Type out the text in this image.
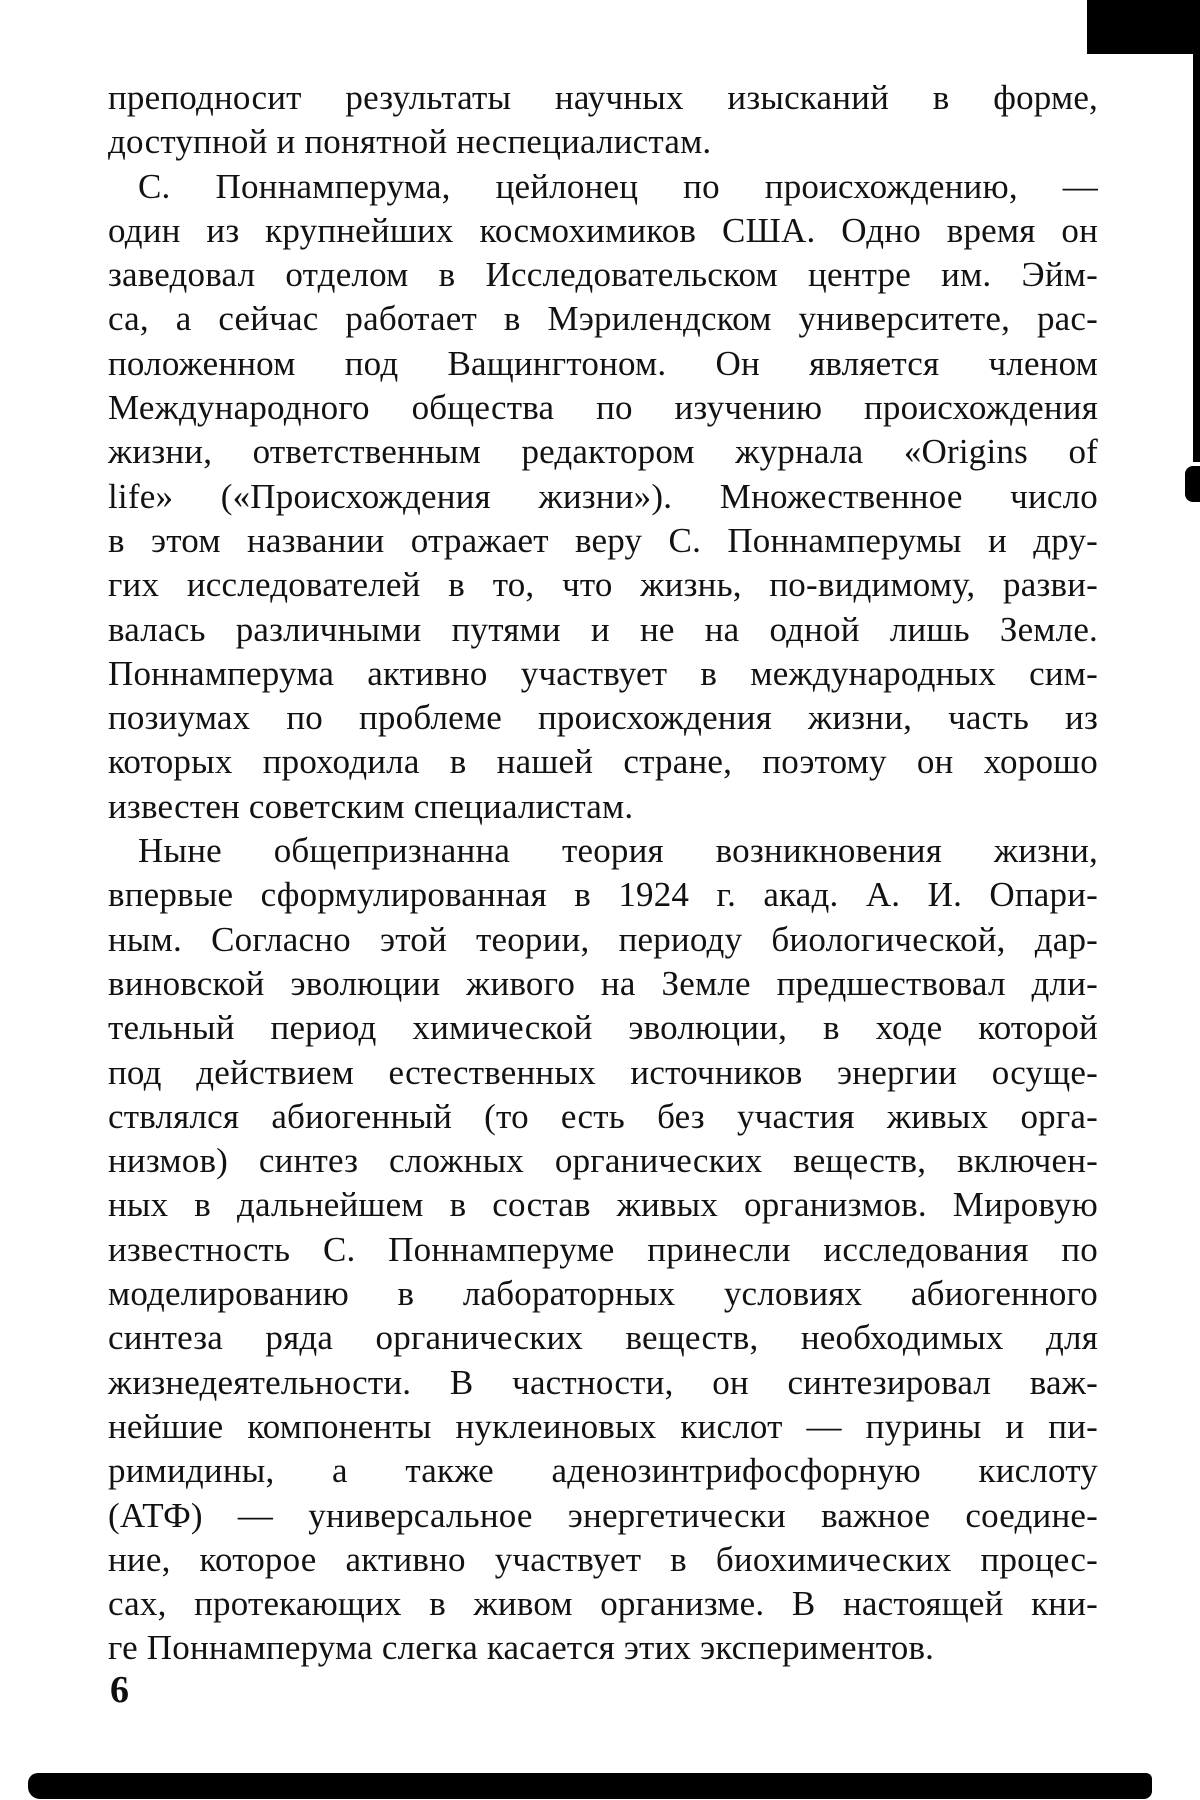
преподносит результаты научных изысканий в форме,
доступной и понятной неспециалистам.
С. Поннамперума, цейлонец по происхождению, —
один из крупнейших космохимиков США. Одно время он
заведовал отделом в Исследовательском центре им. Эйм-
са, а сейчас работает в Мэрилендском университете, рас-
положенном под Ващингтоном. Он является членом
Международного общества по изучению происхождения
жизни, ответственным редактором журнала «Origins of
life» («Происхождения жизни»). Множественное число
в этом названии отражает веру С. Поннамперумы и дру-
гих исследователей в то, что жизнь, по-видимому, разви-
валась различными путями и не на одной лишь Земле.
Поннамперума активно участвует в международных сим-
позиумах по проблеме происхождения жизни, часть из
которых проходила в нашей стране, поэтому он хорошо
известен советским специалистам.
Ныне общепризнанна теория возникновения жизни,
впервые сформулированная в 1924 г. акад. А. И. Опари-
ным. Согласно этой теории, периоду биологической, дар-
виновской эволюции живого на Земле предшествовал дли-
тельный период химической эволюции, в ходе которой
под действием естественных источников энергии осуще-
ствлялся абиогенный (то есть без участия живых орга-
низмов) синтез сложных органических веществ, включен-
ных в дальнейшем в состав живых организмов. Мировую
известность С. Поннамперуме принесли исследования по
моделированию в лабораторных условиях абиогенного
синтеза ряда органических веществ, необходимых для
жизнедеятельности. В частности, он синтезировал важ-
нейшие компоненты нуклеиновых кислот — пурины и пи-
римидины, а также аденозинтрифосфорную кислоту
(АТФ) — универсальное энергетически важное соедине-
ние, которое активно участвует в биохимических процес-
сах, протекающих в живом организме. В настоящей кни-
ге Поннамперума слегка касается этих экспериментов.
6
